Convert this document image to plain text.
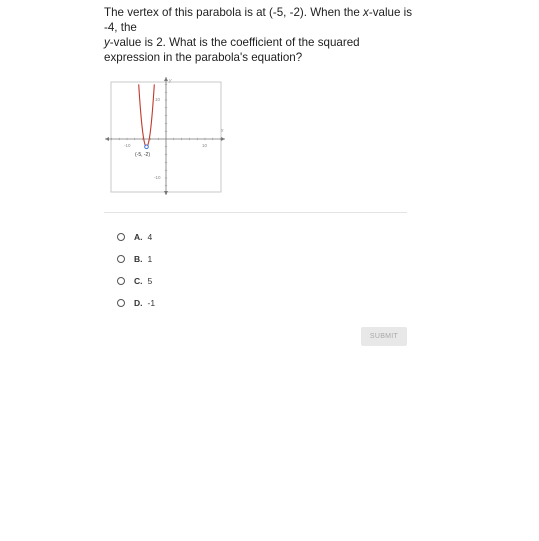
The vertex of this parabola is at (-5, -2). When the x-value is -4, the
y-value is 2. What is the coefficient of the squared expression in the parabola's equation?
x
y
-10	10
10
-10
(-5, -2)
A. 4
B. 1
C. 5
D. -1
SUBMIT
